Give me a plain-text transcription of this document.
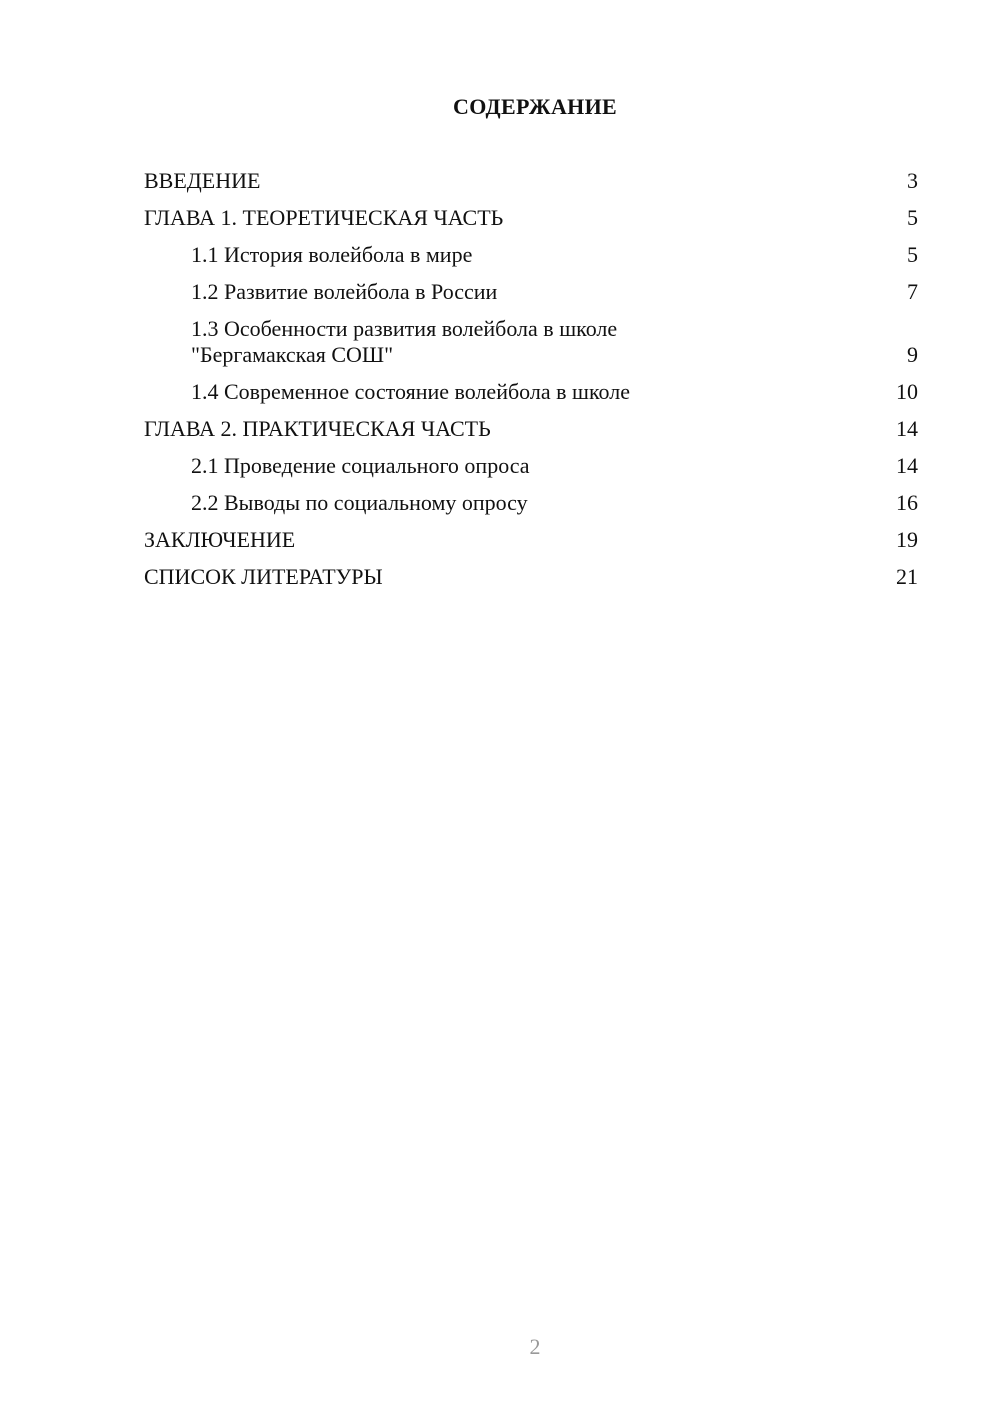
СОДЕРЖАНИЕ
ВВЕДЕНИЕ	3
ГЛАВА 1. ТЕОРЕТИЧЕСКАЯ ЧАСТЬ	5
1.1 История волейбола в мире	5
1.2 Развитие волейбола в России	7
1.3 Особенности развития волейбола в школе
"Бергамакская СОШ"	9
1.4 Современное состояние волейбола в школе	10
ГЛАВА 2. ПРАКТИЧЕСКАЯ ЧАСТЬ	14
2.1 Проведение социального опроса	14
2.2 Выводы по социальному опросу	16
ЗАКЛЮЧЕНИЕ	19
СПИСОК ЛИТЕРАТУРЫ	21
2
